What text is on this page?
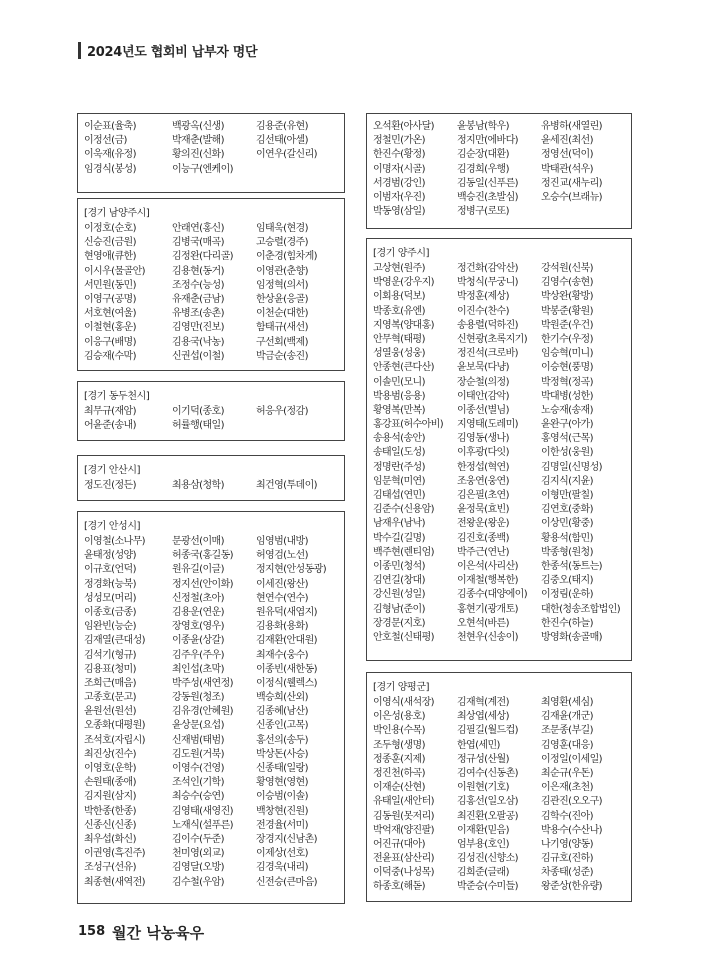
2024년도 협회비 납부자 명단
이순표(율축)	백광옥(신생)	김용준(유현)
이정선(금)	박재춘(발해)	김선태(아셀)
이욱재(유정)	황의진(신화)	이연우(갈신리)
임경식(봉성)	이능구(엔케이)
[경기 남양주시]
이정호(순호)	안래연(홍신)	임태욱(현경)
신승진(금원)	김병국(매곡)	고승렬(경주)
현영애(큐한)	김정완(다리골)	이춘경(힘차게)
이시우(물골안)	김용현(동거)	이영관(춘향)
서민원(동민)	조정수(능성)	임정혁(의서)
이영구(공명)	유재춘(금남)	한상윤(응골)
서호현(여울)	유병조(송촌)	이천순(대한)
이철현(홍운)	김영만(진보)	함태규(새선)
이응구(배명)	김용국(낙농)	구선회(백제)
김승재(수막)	신권섭(이철)	박금순(송진)
[경기 동두천시]
최무규(재암)	이기덕(종호)	허응우(정감)
어윤준(송내)	허률행(태일)
[경기 안산시]
정도진(정든)	최용삼(청학)	최건영(투데이)
[경기 안성시]
이영철(소나무)	문광선(이매)	임영범(내방)
윤태정(성양)	허종국(홍길동)	허영검(노선)
이규호(언덕)	원유길(이글)	정지현(안성동광)
정경화(능북)	정지선(안이화)	이세진(왕산)
성성모(머리)	신정철(초아)	현연수(연수)
이종호(금종)	김용운(연운)	원유덕(새엽지)
임완빈(능순)	장영호(영우)	김용화(용화)
김재열(큰대성)	이종윤(상갈)	김재환(안대원)
김석기(형규)	김주우(주우)	최재수(웅수)
김용표(청미)	최인섭(초막)	이종빈(새한동)
조희근(매음)	박주성(새연정)	이정식(웰렉스)
고종호(문고)	강동원(청조)	백승희(산외)
윤원선(원선)	김유경(안혜원)	김종혜(남산)
오종화(대평원)	윤상문(요섭)	신종인(고목)
조석호(자립시)	신재범(태범)	홍선의(송두)
최진상(진수)	김도원(거북)	박상돈(사승)
이영호(운학)	이영수(건영)	신종태(일랑)
손원태(종애)	조석인(기학)	황영현(영현)
김지원(삼지)	최승수(승연)	이승범(이솔)
박한종(한종)	김영태(새영진)	백창현(진원)
신종신(신종)	노재식(설푸른)	전경율(서미)
최우섭(화신)	김이수(두준)	장경지(신남촌)
이권영(흑진주)	천미영(외교)	이제상(선호)
조성구(선유)	김영달(오방)	김경욱(내리)
최종현(새역전)	김수철(우암)	신전승(큰마음)
오석환(아사달)	윤봉남(학우)	유병하(새열린)
정철민(가온)	정지만(에바다)	윤세진(최선)
한진수(황정)	김순장(대환)	정영선(덕이)
이명자(시골)	김경희(우행)	박태관(석우)
서경범(강인)	김동일(신푸른)	정진교(새누리)
이범자(우진)	백승진(초발심)	오승수(브래뉴)
박동영(삼일)	정병구(로또)
[경기 양주시]
고상현(원주)	정건화(감악산)	강석원(신북)
박영운(강우지)	박청식(무궁니)	김영수(송현)
이회용(덕보)	박정훈(제상)	박상완(황방)
박종호(유엔)	이진수(찬수)	박봉준(황원)
지영복(양대홍)	송용렬(덕하진)	박원준(우건)
안무혁(태평)	신현광(초록지기)	한기수(우정)
성열웅(성웅)	정진석(크로바)	임승혁(미니)
안종현(큰다산)	윤보묵(다냥)	이승현(풍명)
이솔민(모니)	장순철(의정)	박정혁(정곡)
박용범(응용)	이태안(감악)	박대병(성한)
황영복(만복)	이종선(별님)	노승재(송재)
홍강표(허수아비)	지영태(도레미)	윤완구(아가)
송용석(송안)	김영동(생나)	홍영석(근목)
송태일(도성)	이후광(다잇)	이한성(웅원)
정명란(주성)	한정섭(혁연)	김명일(신명성)
임문혁(미연)	조웅연(웅연)	김지식(지윤)
김태섭(연민)	김은필(초연)	이형만(팔칠)
김준수(신용암)	윤정묵(효빈)	김연호(중화)
남재우(남낙)	전왕운(왕운)	이상민(황중)
박수길(길명)	김진호(종백)	황용석(함민)
백주현(렌티엄)	박주근(연난)	박종형(원청)
이종민(청석)	이은석(사리산)	한종석(동트는)
김연길(창대)	이재철(행복한)	김중오(태지)
강신원(성일)	김종수(대양에이)	이정림(운하)
김형남(준이)	홍현기(광개토)	대한(청송조합법인)
장경문(지호)	오현석(바른)	한진수(하늘)
안호철(신태평)	천현우(신송이)	방영화(송골매)
[경기 양평군]
이영식(새석장)	김재혁(계전)	최영환(세심)
이은성(용호)	최상엽(세상)	김재윤(개군)
박인용(수목)	김필길(월드컵)	조문종(부길)
조두형(생명)	한엽(세민)	김영훈(대응)
정종훈(지제)	정규성(산월)	이정일(이세일)
정진천(하곡)	김여수(신동촌)	최순규(우돈)
이재순(산현)	이원현(기호)	이은재(초천)
유태일(새안터)	김홍선(일오삼)	김관진(오오구)
김동원(못저리)	최진환(오팔공)	김학수(진아)
박억재(양진팔)	이재환(믿음)	박용수(수산나)
어진규(대아)	엄부용(호인)	나기영(양동)
전윤표(삼산리)	김성진(신향소)	김규호(진하)
이덕중(나성목)	김희준(글래)	차종태(성준)
하종호(해돋)	박준승(수미들)	왕준상(한유량)
158 월간 낙농육우
